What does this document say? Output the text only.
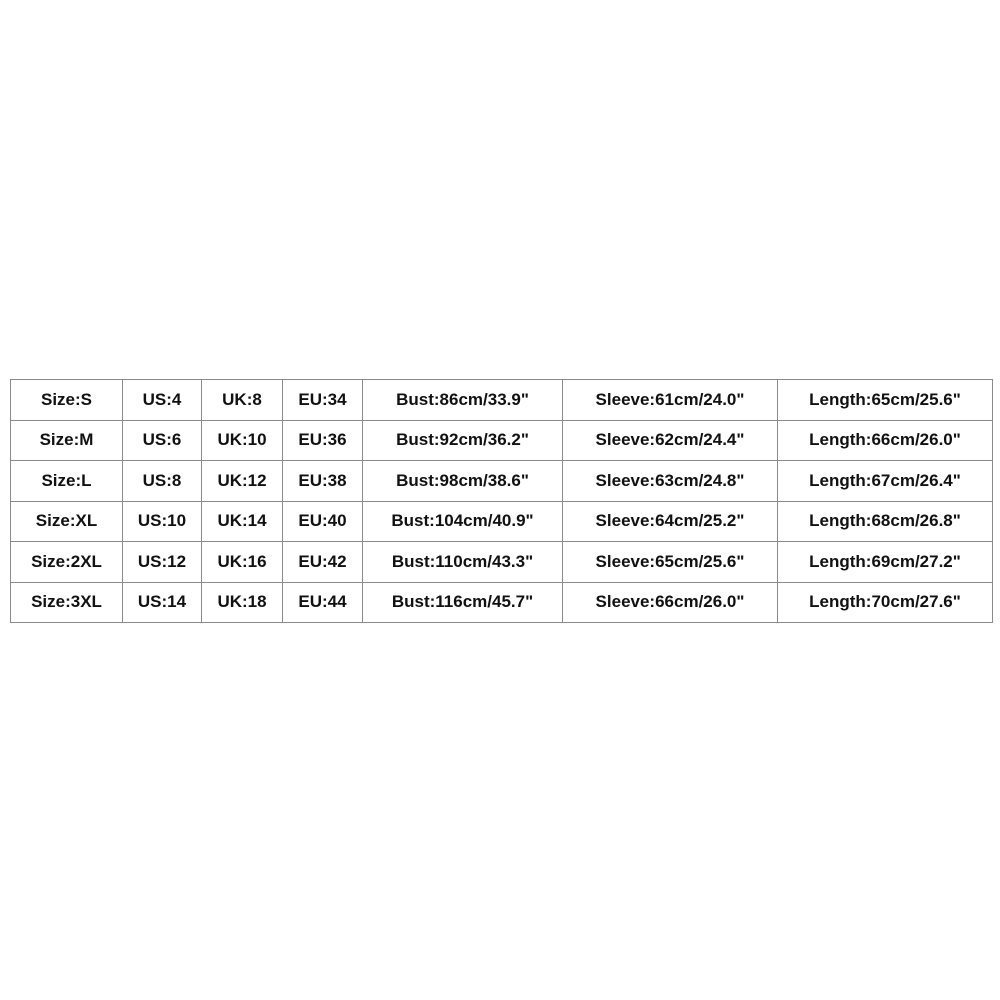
Size:S	US:4	UK:8	EU:34	Bust:86cm/33.9"	Sleeve:61cm/24.0"	Length:65cm/25.6"
Size:M	US:6	UK:10	EU:36	Bust:92cm/36.2"	Sleeve:62cm/24.4"	Length:66cm/26.0"
Size:L	US:8	UK:12	EU:38	Bust:98cm/38.6"	Sleeve:63cm/24.8"	Length:67cm/26.4"
Size:XL	US:10	UK:14	EU:40	Bust:104cm/40.9"	Sleeve:64cm/25.2"	Length:68cm/26.8"
Size:2XL	US:12	UK:16	EU:42	Bust:110cm/43.3"	Sleeve:65cm/25.6"	Length:69cm/27.2"
Size:3XL	US:14	UK:18	EU:44	Bust:116cm/45.7"	Sleeve:66cm/26.0"	Length:70cm/27.6"
